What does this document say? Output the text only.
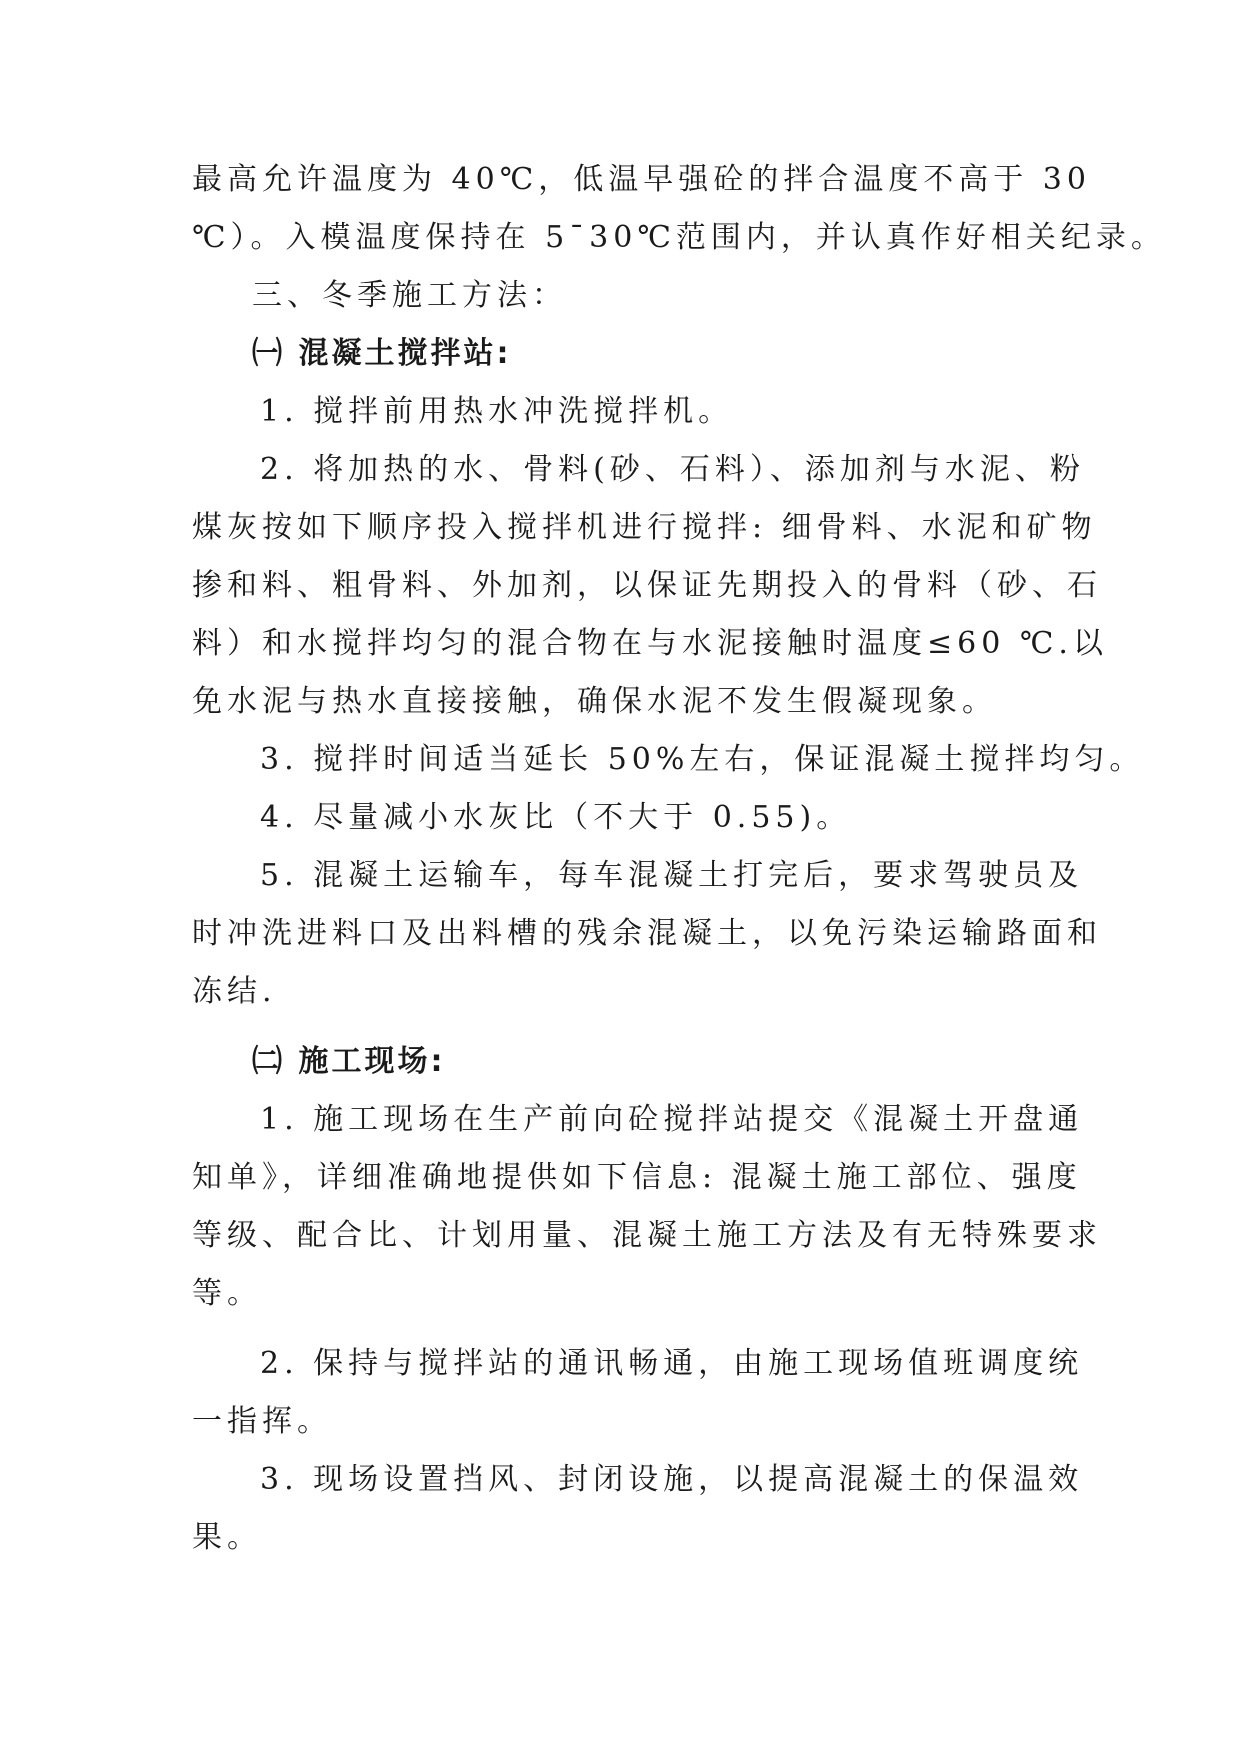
最高允许温度为 40℃，低温早强砼的拌合温度不高于 30

℃）。入模温度保持在 5¯30℃范围内，并认真作好相关纪录。

三、冬季施工方法：

㈠ 混凝土搅拌站:

1. 搅拌前用热水冲洗搅拌机。

2. 将加热的水、骨料(砂、石料）、添加剂与水泥、粉

煤灰按如下顺序投入搅拌机进行搅拌: 细骨料、水泥和矿物

掺和料、粗骨料、外加剂，以保证先期投入的骨料（砂、石

料）和水搅拌均匀的混合物在与水泥接触时温度≤60 ℃.以

免水泥与热水直接接触，确保水泥不发生假凝现象。

3. 搅拌时间适当延长 50%左右，保证混凝土搅拌均匀。

4. 尽量减小水灰比（不大于 0.55)。

5. 混凝土运输车，每车混凝土打完后，要求驾驶员及

时冲洗进料口及出料槽的残余混凝土，以免污染运输路面和

冻结.

㈡ 施工现场:

1. 施工现场在生产前向砼搅拌站提交《混凝土开盘通

知单》，详细准确地提供如下信息: 混凝土施工部位、强度

等级、配合比、计划用量、混凝土施工方法及有无特殊要求

等。

2. 保持与搅拌站的通讯畅通，由施工现场值班调度统

一指挥。

3. 现场设置挡风、封闭设施，以提高混凝土的保温效

果。
